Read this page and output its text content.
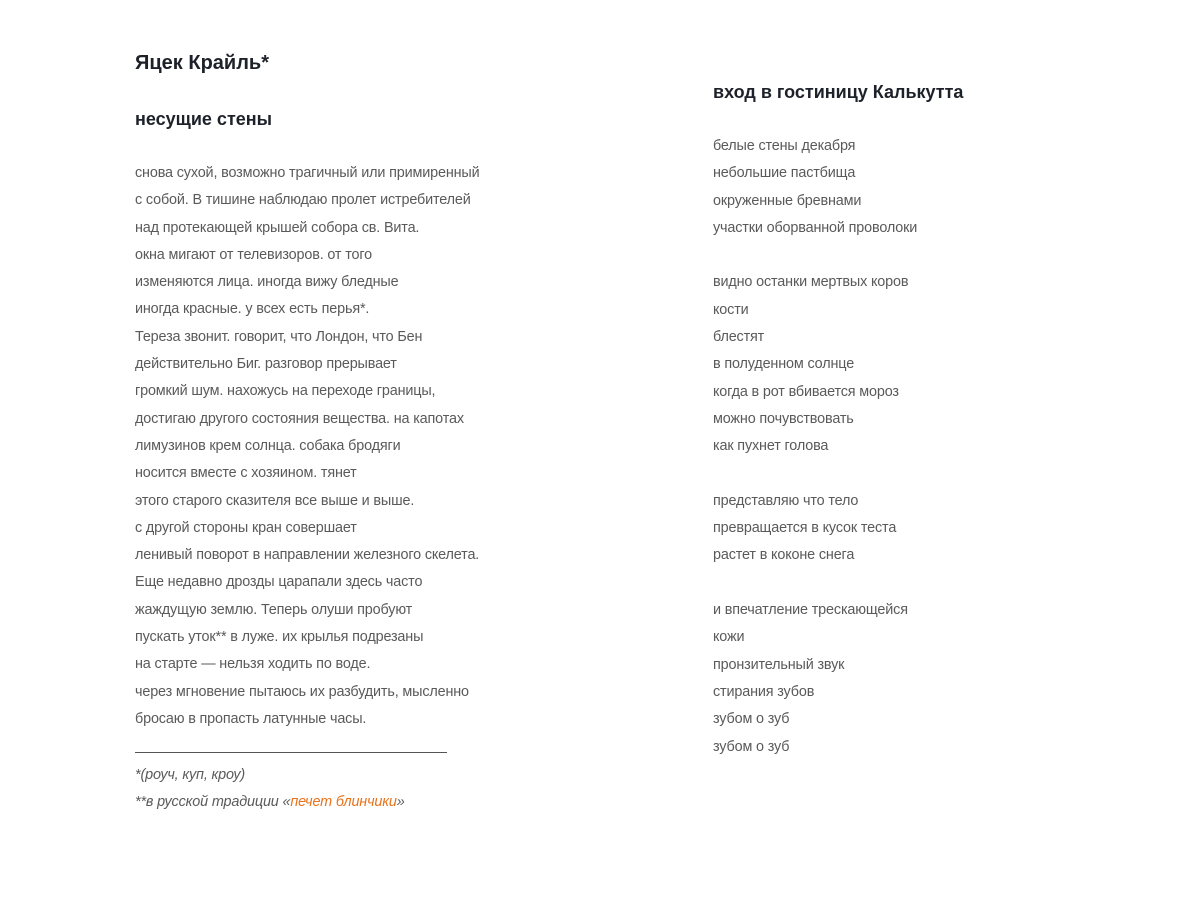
Яцек Крайль*
несущие стены
снова сухой, возможно трагичный или примиренный
с собой. В тишине наблюдаю пролет истребителей
над протекающей крышей собора св. Вита.
окна мигают от телевизоров. от того
изменяются лица. иногда вижу бледные
иногда красные. у всех есть перья*.
Тереза звонит. говорит, что Лондон, что Бен
действительно Биг. разговор прерывает
громкий шум. нахожусь на переходе границы,
достигаю другого состояния вещества. на капотах
лимузинов крем солнца. собака бродяги
носится вместе с хозяином. тянет
этого старого сказителя все выше и выше.
с другой стороны кран совершает
ленивый поворот в направлении железного скелета.
Еще недавно дрозды царапали здесь часто
жаждущую землю. Теперь олуши пробуют
пускать уток** в луже. их крылья подрезаны
на старте — нельзя ходить по воде.
через мгновение пытаюсь их разбудить, мысленно
бросаю в пропасть латунные часы.
*(роуч, куп, кроу)
**в русской традиции «печет блинчики»
вход в гостиницу Калькутта
белые стены декабря
небольшие пастбища
окруженные бревнами
участки оборванной проволоки
видно останки мертвых коров
кости
блестят
в полуденном солнце
когда в рот вбивается мороз
можно почувствовать
как пухнет голова
представляю что тело
превращается в кусок теста
растет в коконе снега
и впечатление трескающейся
кожи
пронзительный звук
стирания зубов
зубом о зуб
зубом о зуб
